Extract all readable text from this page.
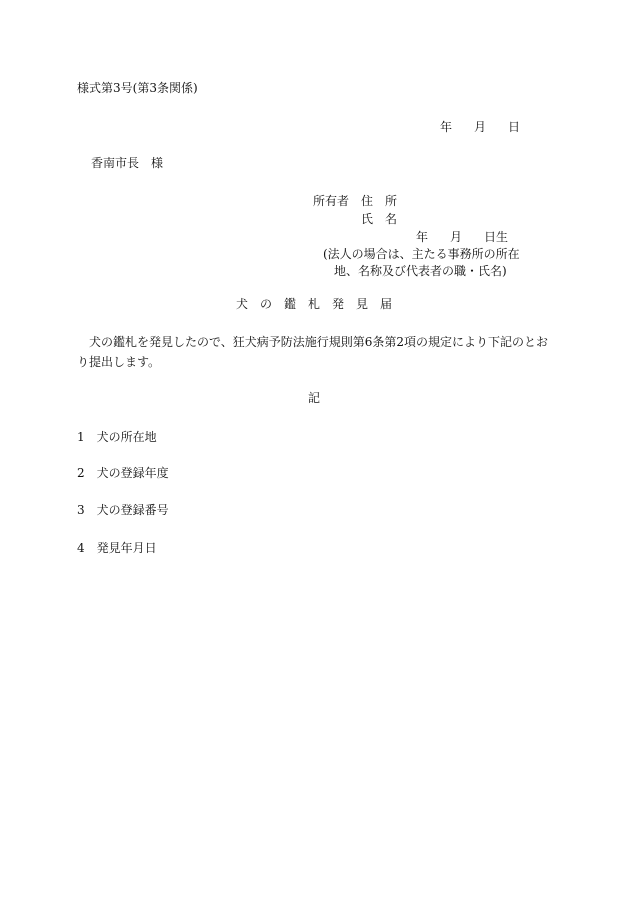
様式第3号(第3条関係)
年 月 日
香南市長　様
所有者 住　所
氏　名
年 月 日生
(法人の場合は、主たる事務所の所在
地、名称及び代表者の職・氏名)
犬　の　鑑　札　発　見　届
犬の鑑札を発見したので、狂犬病予防法施行規則第6条第2項の規定により下記のとおり提出します。
記
1　 犬の所在地
2　 犬の登録年度
3　 犬の登録番号
4　 発見年月日
